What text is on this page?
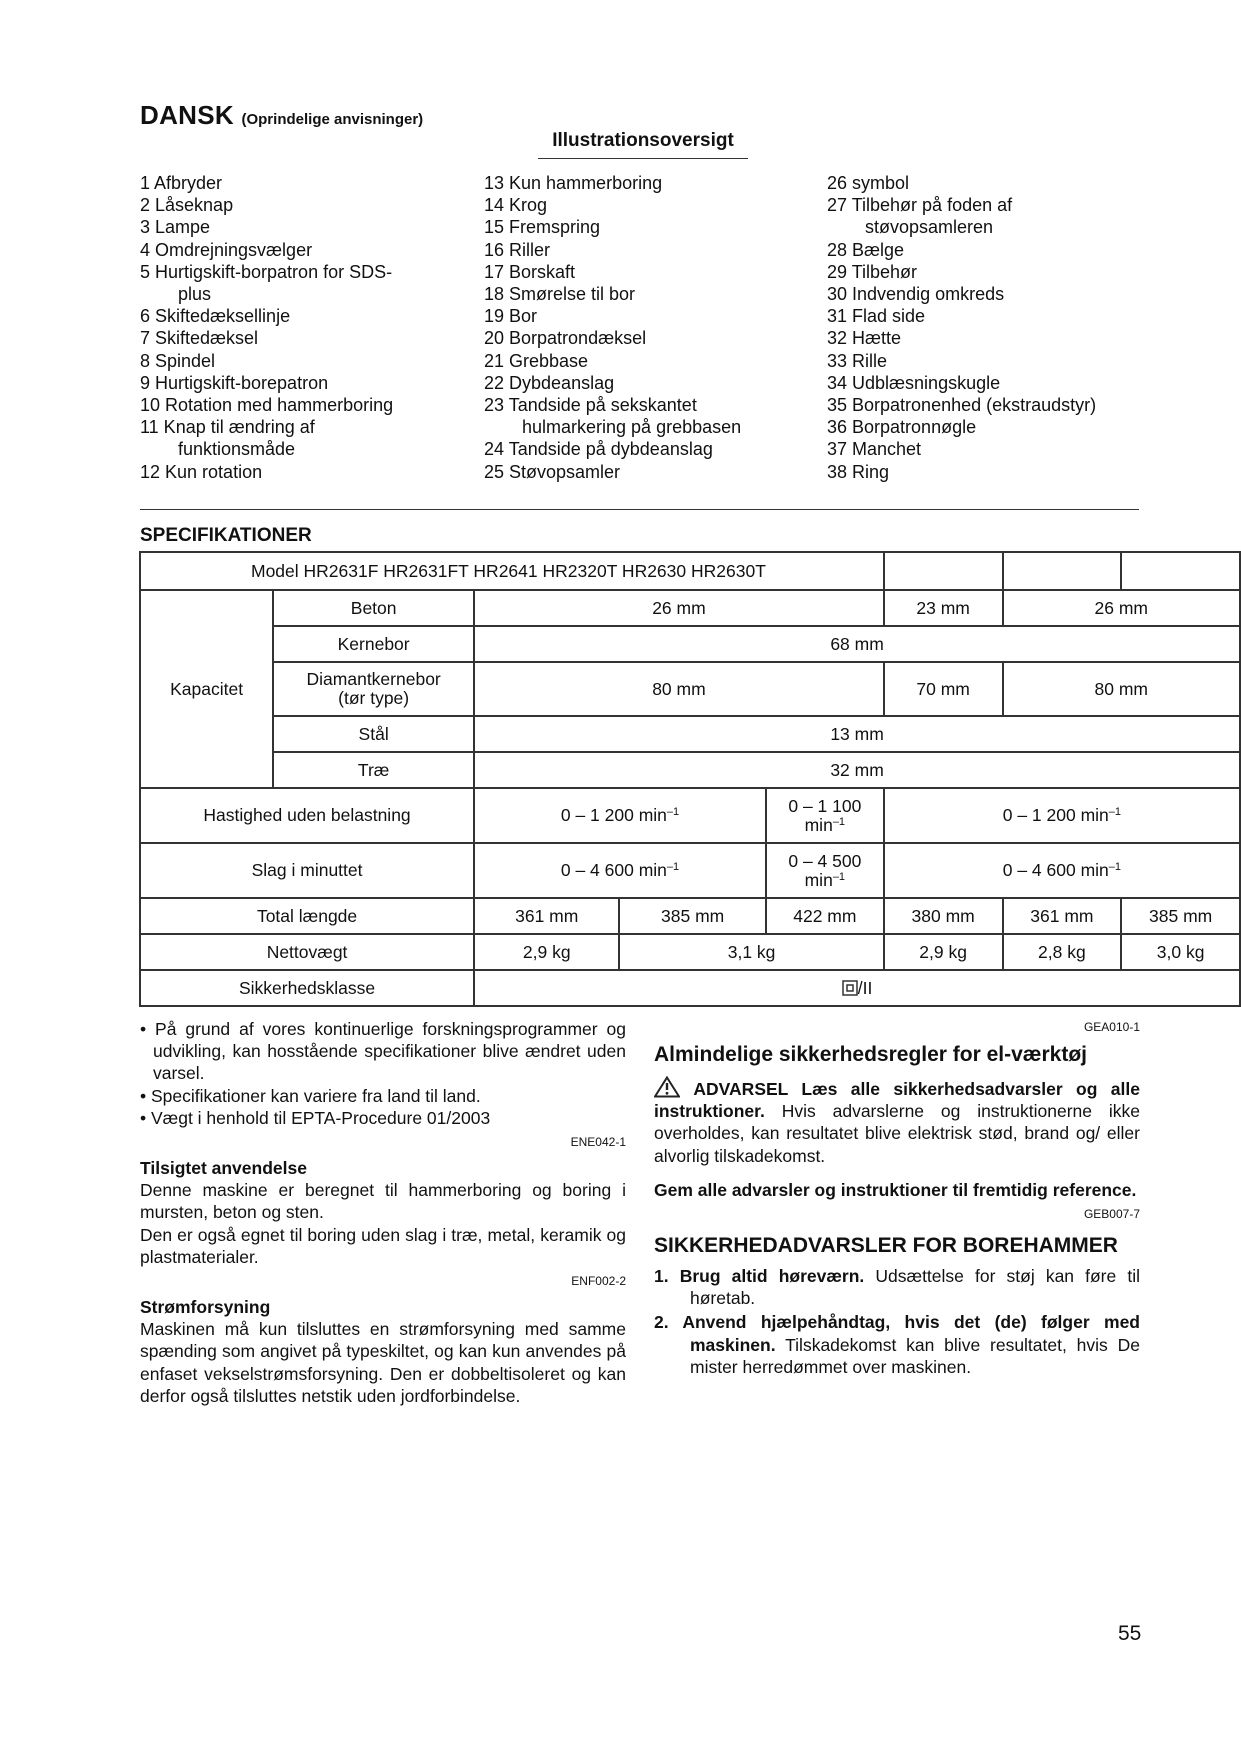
DANSK (Oprindelige anvisninger)
Illustrationsoversigt
1 Afbryder
2 Låseknap
3 Lampe
4 Omdrejningsvælger
5 Hurtigskift-borpatron for SDS-
plus
6 Skiftedæksellinje
7 Skiftedæksel
8 Spindel
9 Hurtigskift-borepatron
10 Rotation med hammerboring
11 Knap til ændring af
funktionsmåde
12 Kun rotation
13 Kun hammerboring
14 Krog
15 Fremspring
16 Riller
17 Borskaft
18 Smørelse til bor
19 Bor
20 Borpatrondæksel
21 Grebbase
22 Dybdeanslag
23 Tandside på sekskantet
hulmarkering på grebbasen
24 Tandside på dybdeanslag
25 Støvopsamler
26 symbol
27 Tilbehør på foden af
støvopsamleren
28 Bælge
29 Tilbehør
30 Indvendig omkreds
31 Flad side
32 Hætte
33 Rille
34 Udblæsningskugle
35 Borpatronenhed (ekstraudstyr)
36 Borpatronnøgle
37 Manchet
38 Ring
SPECIFIKATIONER
Model HR2631F HR2631FT HR2641 HR2320T HR2630 HR2630T							

Kapacitet	Beton	26 mm			23 mm	26 mm	
	Kernebor	68 mm					

	Diamantkernebor
(tør type)	80 mm			70 mm	80 mm	
	Stål	13 mm					
	Træ	32 mm					
Hastighed uden belastning		0 – 1 200 $\min^{-1}$		0 – 1 100
$\min^{-1}$	0 – 1 200 $\min^{-1}$
Slag i minuttet		0 – 4 600 $\min^{-1}$		0 – 4 500
$\min^{-1}$	0 – 4 600 $\min^{-1}$
Total længde		361 mm	385 mm	422 mm	380 mm	361 mm	385 mm
Nettovægt		2,9 kg	3,1 kg		2,9 kg	2,8 kg	3,0 kg
Sikkerhedsklasse		/II					
• På grund af vores kontinuerlige forskningsprogrammer og udvikling, kan hosstående specifikationer blive ændret uden varsel.
• Specifikationer kan variere fra land til land.
• Vægt i henhold til EPTA-Procedure 01/2003
ENE042-1
Tilsigtet anvendelse
Denne maskine er beregnet til hammerboring og boring i mursten, beton og sten.
Den er også egnet til boring uden slag i træ, metal, keramik og plastmaterialer.
ENF002-2
Strømforsyning
Maskinen må kun tilsluttes en strømforsyning med samme spænding som angivet på typeskiltet, og kan kun anvendes på enfaset vekselstrømsforsyning. Den er dobbeltisoleret og kan derfor også tilsluttes netstik uden jordforbindelse.
GEA010-1
Almindelige sikkerhedsregler for el-værktøj
ADVARSEL Læs alle sikkerhedsadvarsler og alle instruktioner. Hvis advarslerne og instruktionerne ikke overholdes, kan resultatet blive elektrisk stød, brand og/ eller alvorlig tilskadekomst.
Gem alle advarsler og instruktioner til fremtidig reference.
GEB007-7
SIKKERHEDADVARSLER FOR BOREHAMMER
1. Brug altid høreværn. Udsættelse for støj kan føre til høretab.
2. Anvend hjælpehåndtag, hvis det (de) følger med maskinen. Tilskadekomst kan blive resultatet, hvis De mister herredømmet over maskinen.
55
